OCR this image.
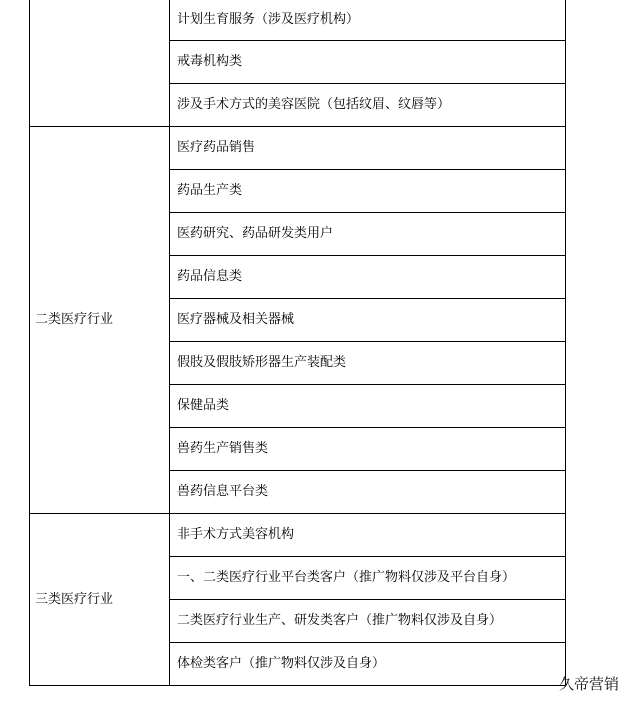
	计划生育服务（涉及医疗机构）
	戒毒机构类
	涉及手术方式的美容医院（包括纹眉、纹唇等）
二类医疗行业	医疗药品销售
	药品生产类
	医药研究、药品研发类用户
	药品信息类
	医疗器械及相关器械
	假肢及假肢矫形器生产装配类
	保健品类
	兽药生产销售类
	兽药信息平台类
三类医疗行业	非手术方式美容机构
	一、二类医疗行业平台类客户（推广物料仅涉及平台自身）
	二类医疗行业生产、研发类客户（推广物料仅涉及自身）
	体检类客户（推广物料仅涉及自身）
久帝营销
